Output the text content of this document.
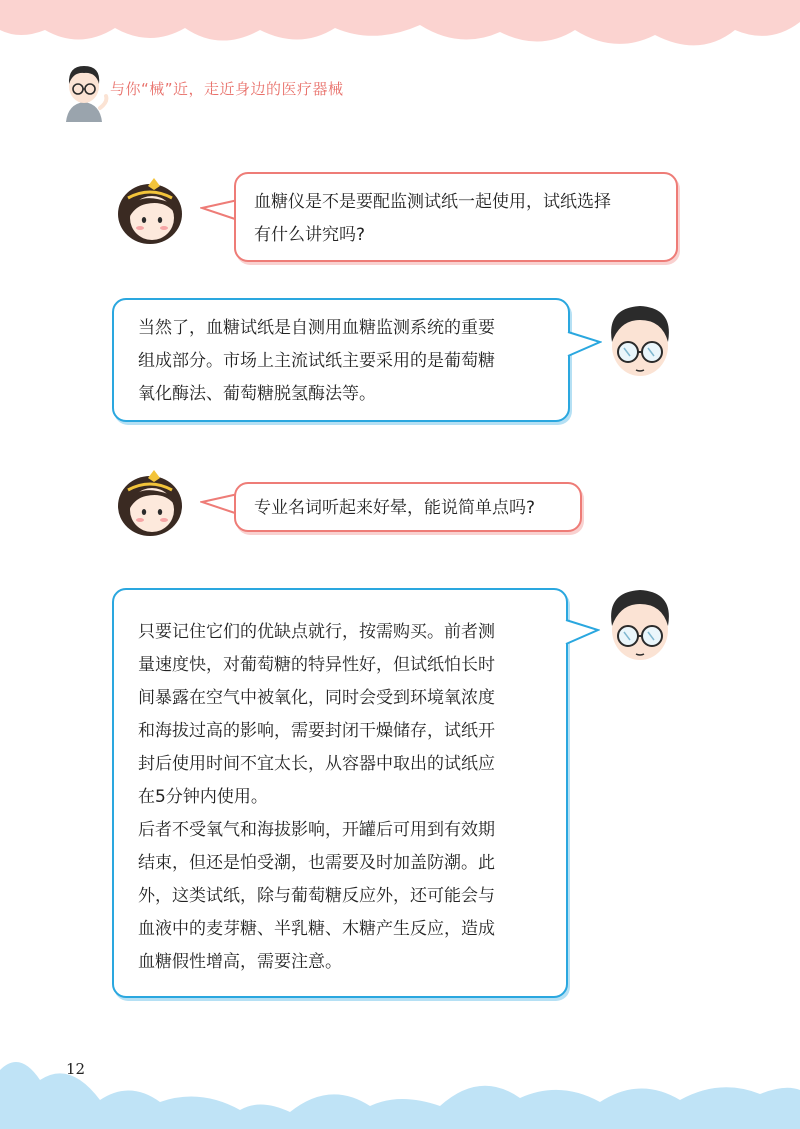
与你“械”近，走近身边的医疗器械
血糖仪是不是要配监测试纸一起使用，试纸选择
有什么讲究吗?
当然了，血糖试纸是自测用血糖监测系统的重要
组成部分。市场上主流试纸主要采用的是葡萄糖
氧化酶法、葡萄糖脱氢酶法等。
专业名词听起来好晕，能说简单点吗?
只要记住它们的优缺点就行，按需购买。前者测
量速度快，对葡萄糖的特异性好，但试纸怕长时
间暴露在空气中被氧化，同时会受到环境氧浓度
和海拔过高的影响，需要封闭干燥储存，试纸开
封后使用时间不宜太长，从容器中取出的试纸应
在5分钟内使用。
后者不受氧气和海拔影响，开罐后可用到有效期
结束，但还是怕受潮，也需要及时加盖防潮。此
外，这类试纸，除与葡萄糖反应外，还可能会与
血液中的麦芽糖、半乳糖、木糖产生反应，造成
血糖假性增高，需要注意。
12
